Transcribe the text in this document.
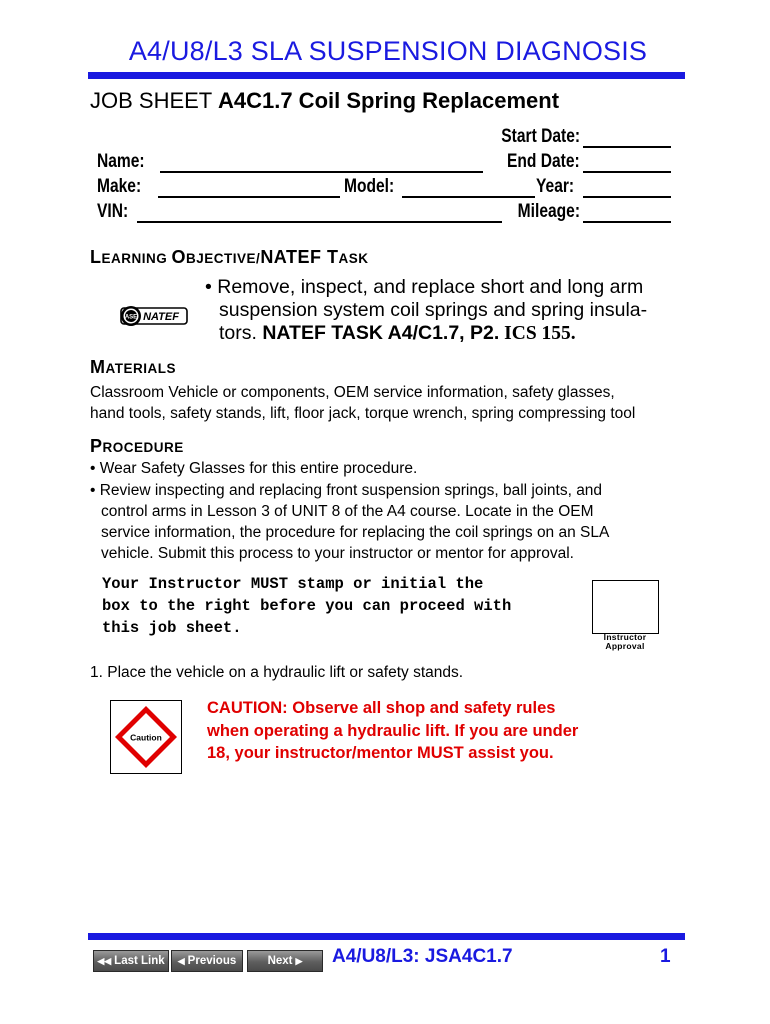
A4/U8/L3 SLA SUSPENSION DIAGNOSIS
JOB SHEET A4C1.7 Coil Spring Replacement
Start Date:
Name:	End Date:
Make:	Model:	Year:
VIN:	Mileage:
LEARNING OBJECTIVE/NATEF TASK
ASE NATEF
• Remove, inspect, and replace short and long arm
suspension system coil springs and spring insula-
tors. NATEF TASK A4/C1.7, P2. ICS 155.
MATERIALS
Classroom Vehicle or components, OEM service information, safety glasses,
hand tools, safety stands, lift, floor jack, torque wrench, spring compressing tool
PROCEDURE
• Wear Safety Glasses for this entire procedure.
• Review inspecting and replacing front suspension springs, ball joints, and
control arms in Lesson 3 of UNIT 8 of the A4 course. Locate in the OEM
service information, the procedure for replacing the coil springs on an SLA
vehicle. Submit this process to your instructor or mentor for approval.
Your Instructor MUST stamp or initial the
box to the right before you can proceed with
this job sheet.	Instructor
Approval
1. Place the vehicle on a hydraulic lift or safety stands.
Caution
CAUTION: Observe all shop and safety rules
when operating a hydraulic lift. If you are under
18, your instructor/mentor MUST assist you.
◀◀ Last Link ◀ Previous	Next ▶ A4/U8/L3: JSA4C1.7	1
